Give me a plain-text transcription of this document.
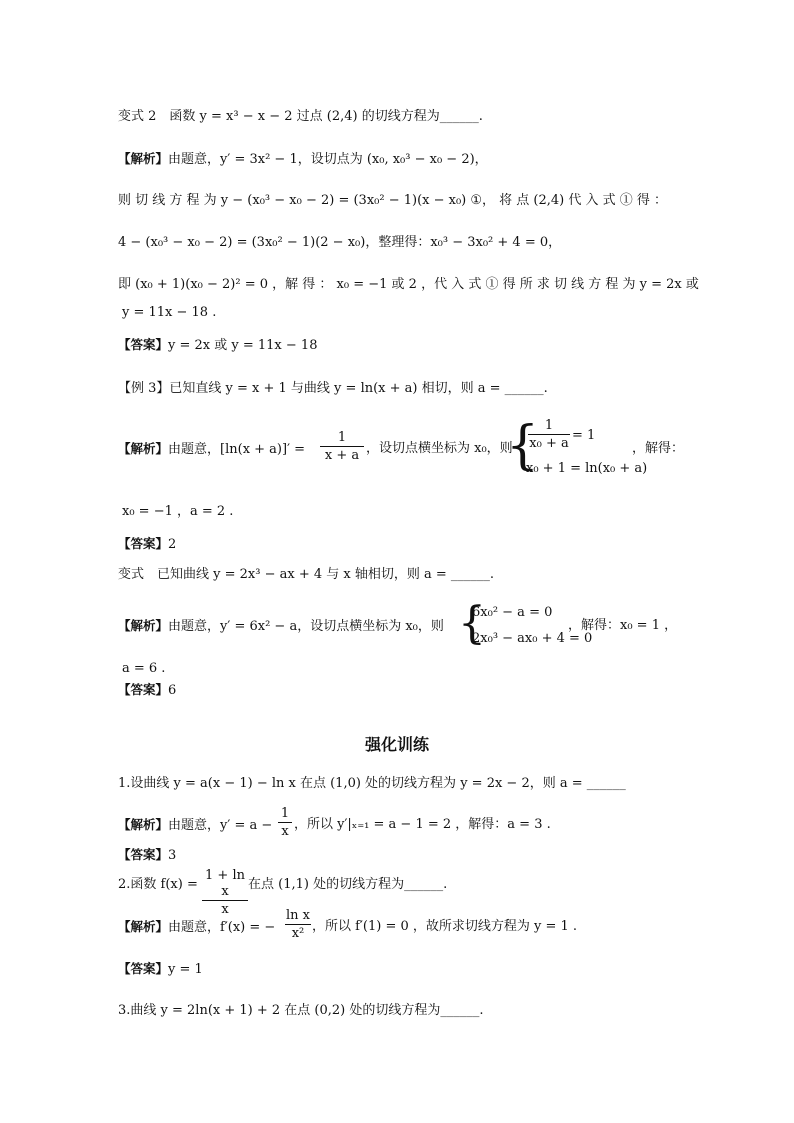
变式 2　函数 y = x³ − x − 2 过点 (2,4) 的切线方程为______.
【解析】由题意，y′ = 3x² − 1，设切点为 (x₀, x₀³ − x₀ − 2)，
则 切 线 方 程 为 y − (x₀³ − x₀ − 2) = (3x₀² − 1)(x − x₀) ①， 将 点 (2,4) 代 入 式 ① 得 ：
4 − (x₀³ − x₀ − 2) = (3x₀² − 1)(2 − x₀)，整理得：x₀³ − 3x₀² + 4 = 0，
即 (x₀ + 1)(x₀ − 2)² = 0 ，解 得 ： x₀ = −1 或 2 ，代 入 式 ① 得 所 求 切 线 方 程 为 y = 2x 或
y = 11x − 18 .
【答案】y = 2x 或 y = 11x − 18
【例 3】已知直线 y = x + 1 与曲线 y = ln(x + a) 相切，则 a = ______.
【解析】由题意，$[\ln(x + a)]' = \frac{1}{x + a}$ ，设切点横坐标为 x₀，则
{
$\frac{1}{\text{x₀ + a}} = 1$
x₀ + 1 = ln(x₀ + a)
，解得：
x₀ = −1 ，a = 2 .
【答案】2
变式　已知曲线 y = 2x³ − ax + 4 与 x 轴相切，则 a = ______.
【解析】由题意，y′ = 6x² − a，设切点横坐标为 x₀，则 {
6x₀² − a = 0
2x₀³ − ax₀ + 4 = 0
，解得：x₀ = 1 ，
a = 6 .
【答案】6
强化训练
1.设曲线 y = a(x − 1) − ln x 在点 (1,0) 处的切线方程为 y = 2x − 2，则 a = ______
【解析】由题意，$y' = a - \frac{1}{x}$ ，所以 y′|ₓ₌₁ = a − 1 = 2 ，解得：a = 3 .
【答案】3
2.函数 $f(x) = \frac{\text{1 + ln x}}{x}$ 在点 (1,1) 处的切线方程为______.
【解析】由题意，f′(x) = − $\frac{\text{ln x}}{\text{x²}}$ ，所以 f′(1) = 0 ，故所求切线方程为 y = 1 .
【答案】y = 1
3.曲线 y = 2ln(x + 1) + 2 在点 (0,2) 处的切线方程为______.
